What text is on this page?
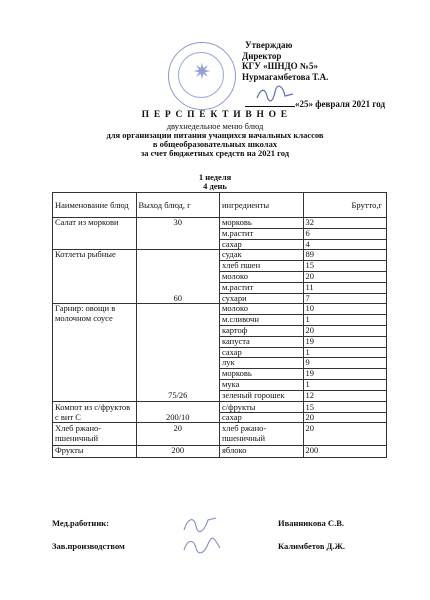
✷
Утверждаю
Директор
КГУ «ШНДО №5»
Нурмагамбетова Т.А.
«25» февраля 2021 год
П Е Р С П Е К Т И В Н О Е
двухнедельное меню блюд
для организации питания учащихся начальных классов
в общеобразовательных школах
за счет бюджетных средств на 2021 год
1 неделя
4 день
Наименование блюд	Выход блюд, г	ингредиенты	Брутто,г
Салат из моркови	30	морковь	32
		м.растит	6
		сахар	4
Котлеты рыбные	60	судак	89
		хлеб пшен	15
		молоко	20
		м.растит	11
		сухари	7
Гарнир: овощи в молочном соусе	75/26	молоко	10
		м.сливочн	1
		картоф	20
		капуста	19
		сахар	1
		лук	9
		морковь	19
		мука	1
		зеленый горошек	12
Компот из с/фруктов с вит С	200/10	с/фрукты	15
		сахар	20
Хлеб ржано-пшеничный	20	хлеб ржано-пшеничный	20
Фрукты	200	яблоко	200
Мед.работник:	Иванникова С.В.
Зав.производством	Калимбетов Д.Ж.
